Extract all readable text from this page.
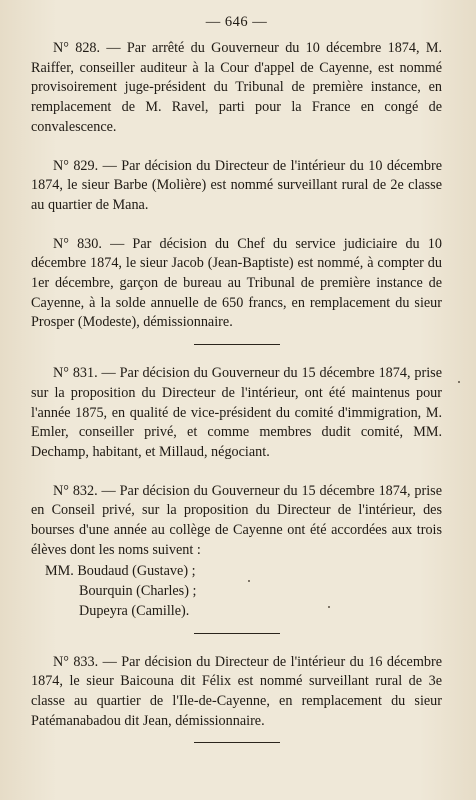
— 646 —

N° 828. — Par arrêté du Gouverneur du 10 décembre 1874, M. Raiffer, conseiller auditeur à la Cour d'appel de Cayenne, est nommé provisoirement juge-président du Tribunal de première instance, en remplacement de M. Ravel, parti pour la France en congé de convalescence.

N° 829. — Par décision du Directeur de l'intérieur du 10 décembre 1874, le sieur Barbe (Molière) est nommé surveillant rural de 2e classe au quartier de Mana.

N° 830. — Par décision du Chef du service judiciaire du 10 décembre 1874, le sieur Jacob (Jean-Baptiste) est nommé, à compter du 1er décembre, garçon de bureau au Tribunal de première instance de Cayenne, à la solde annuelle de 650 francs, en remplacement du sieur Prosper (Modeste), démissionnaire.

N° 831. — Par décision du Gouverneur du 15 décembre 1874, prise sur la proposition du Directeur de l'intérieur, ont été maintenus pour l'année 1875, en qualité de vice-président du comité d'immigration, M. Emler, conseiller privé, et comme membres dudit comité, MM. Dechamp, habitant, et Millaud, négociant.

N° 832. — Par décision du Gouverneur du 15 décembre 1874, prise en Conseil privé, sur la proposition du Directeur de l'intérieur, des bourses d'une année au collège de Cayenne ont été accordées aux trois élèves dont les noms suivent :

MM. Boudaud (Gustave) ;
Bourquin (Charles) ;
Dupeyra (Camille).

N° 833. — Par décision du Directeur de l'intérieur du 16 décembre 1874, le sieur Baicouna dit Félix est nommé surveillant rural de 3e classe au quartier de l'Ile-de-Cayenne, en remplacement du sieur Patémanabadou dit Jean, démissionnaire.
